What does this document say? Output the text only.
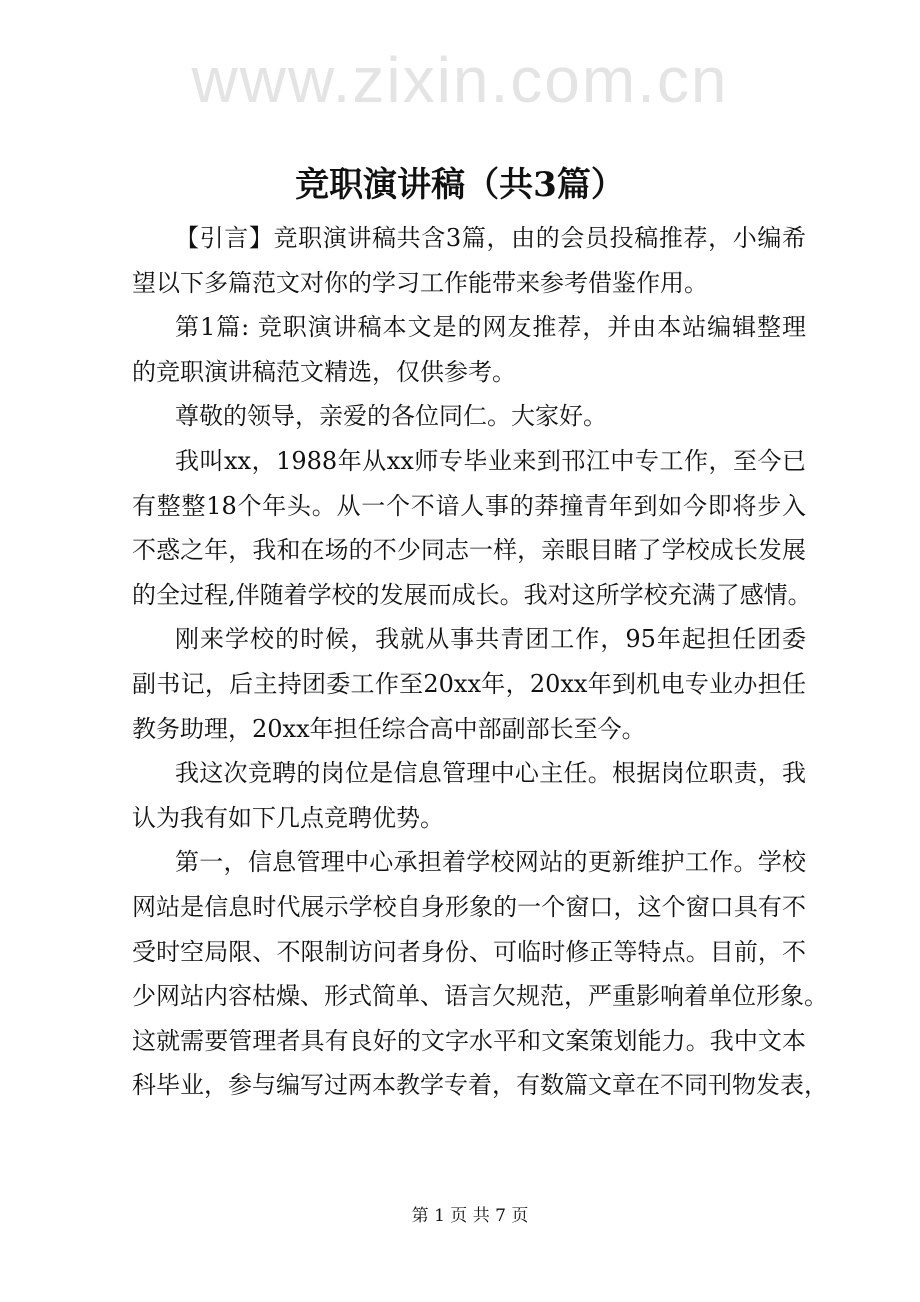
www.zixin.com.cn
竞职演讲稿（共3篇）
【引言】竞职演讲稿共含3篇，由的会员投稿推荐，小编希
望以下多篇范文对你的学习工作能带来参考借鉴作用。
第1篇: 竞职演讲稿本文是的网友推荐，并由本站编辑整理
的竞职演讲稿范文精选，仅供参考。
尊敬的领导，亲爱的各位同仁。大家好。
我叫xx，1988年从xx师专毕业来到邗江中专工作，至今已
有整整18个年头。从一个不谙人事的莽撞青年到如今即将步入
不惑之年，我和在场的不少同志一样，亲眼目睹了学校成长发展
的全过程,伴随着学校的发展而成长。我对这所学校充满了感情。
刚来学校的时候，我就从事共青团工作，95年起担任团委
副书记，后主持团委工作至20xx年，20xx年到机电专业办担任
教务助理，20xx年担任综合高中部副部长至今。
我这次竞聘的岗位是信息管理中心主任。根据岗位职责，我
认为我有如下几点竞聘优势。
第一，信息管理中心承担着学校网站的更新维护工作。学校
网站是信息时代展示学校自身形象的一个窗口，这个窗口具有不
受时空局限、不限制访问者身份、可临时修正等特点。目前，不
少网站内容枯燥、形式简单、语言欠规范，严重影响着单位形象。
这就需要管理者具有良好的文字水平和文案策划能力。我中文本
科毕业，参与编写过两本教学专着，有数篇文章在不同刊物发表，
第 1 页 共 7 页
